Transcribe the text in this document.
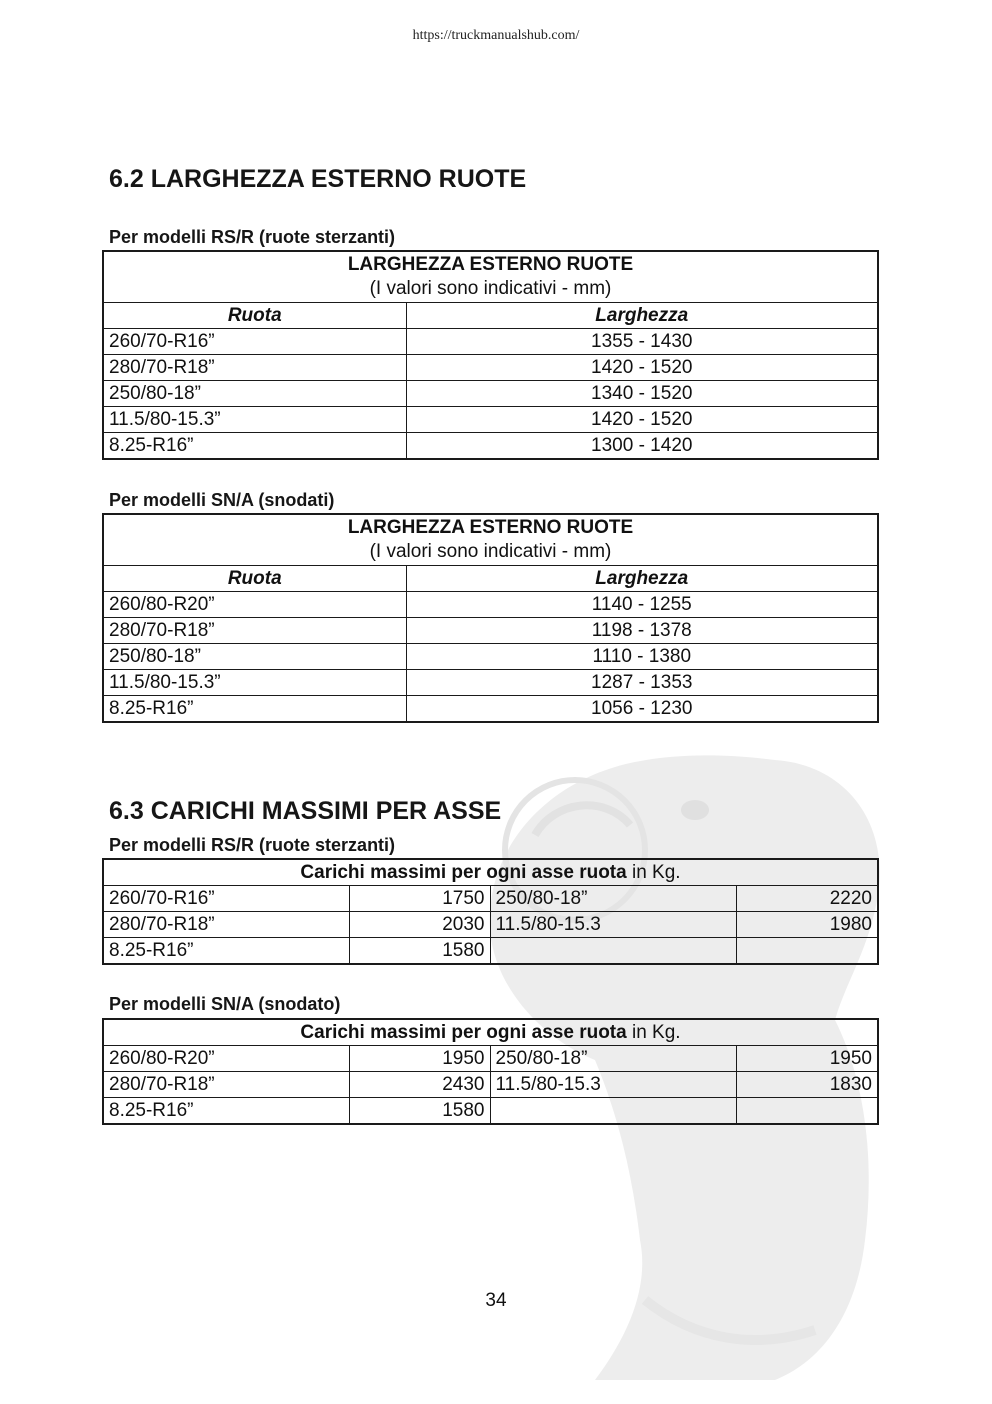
https://truckmanualshub.com/
6.2 LARGHEZZA ESTERNO RUOTE
Per modelli RS/R (ruote sterzanti)
LARGHEZZA ESTERNO RUOTE
(I valori sono indicativi - mm)	
Ruota	Larghezza
260/70-R16”	1355 - 1430
280/70-R18”	1420 - 1520
250/80-18”	1340 - 1520
11.5/80-15.3”	1420 - 1520
8.25-R16”	1300 - 1420
Per modelli SN/A (snodati)
LARGHEZZA ESTERNO RUOTE
(I valori sono indicativi - mm)	
Ruota	Larghezza
260/80-R20”	1140 - 1255
280/70-R18”	1198 - 1378
250/80-18”	1110 - 1380
11.5/80-15.3”	1287 - 1353
8.25-R16”	1056 - 1230
6.3 CARICHI MASSIMI PER ASSE
Per modelli RS/R (ruote sterzanti)
Carichi massimi per ogni asse ruota in Kg.			
260/70-R16”	1750	250/80-18”	2220
280/70-R18”	2030	11.5/80-15.3	1980
8.25-R16”	1580		
Per modelli SN/A (snodato)
Carichi massimi per ogni asse ruota in Kg.			
260/80-R20”	1950	250/80-18”	1950
280/70-R18”	2430	11.5/80-15.3	1830
8.25-R16”	1580		
34
